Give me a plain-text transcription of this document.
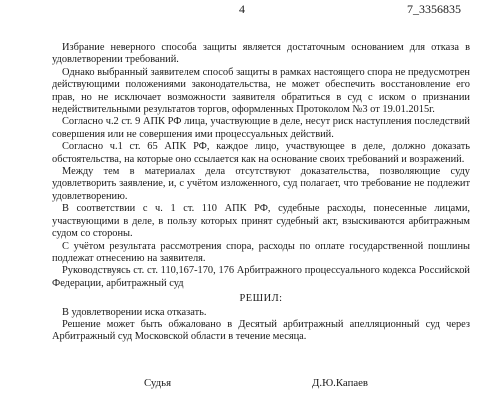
4	7_3356835

Избрание неверного способа защиты является достаточным основанием для отказа в удовлетворении требований.

Однако выбранный заявителем способ защиты в рамках настоящего спора не предусмотрен действующими положениями законодательства, не может обеспечить восстановление его прав, но не исключает возможности заявителя обратиться в суд с иском о признании недействительными результатов торгов, оформленных Протоколом №3 от 19.01.2015г.

Согласно ч.2 ст. 9 АПК РФ лица, участвующие в деле, несут риск наступления последствий совершения или не совершения ими процессуальных действий.

Согласно ч.1 ст. 65 АПК РФ, каждое лицо, участвующее в деле, должно доказать обстоятельства, на которые оно ссылается как на основание своих требований и возражений.

Между тем в материалах дела отсутствуют доказательства, позволяющие суду удовлетворить заявление, и, с учётом изложенного, суд полагает, что требование не подлежит удовлетворению.

В соответствии с ч. 1 ст. 110 АПК РФ, судебные расходы, понесенные лицами, участвующими в деле, в пользу которых принят судебный акт, взыскиваются арбитражным судом со стороны.

С учётом результата рассмотрения спора, расходы по оплате государственной пошлины подлежат отнесению на заявителя.

Руководствуясь ст. ст. 110,167-170, 176 Арбитражного процессуального кодекса Российской Федерации, арбитражный суд

РЕШИЛ:

В удовлетворении иска отказать.

Решение может быть обжаловано в Десятый арбитражный апелляционный суд через Арбитражный суд Московской области в течение месяца.

Судья	Д.Ю.Капаев
